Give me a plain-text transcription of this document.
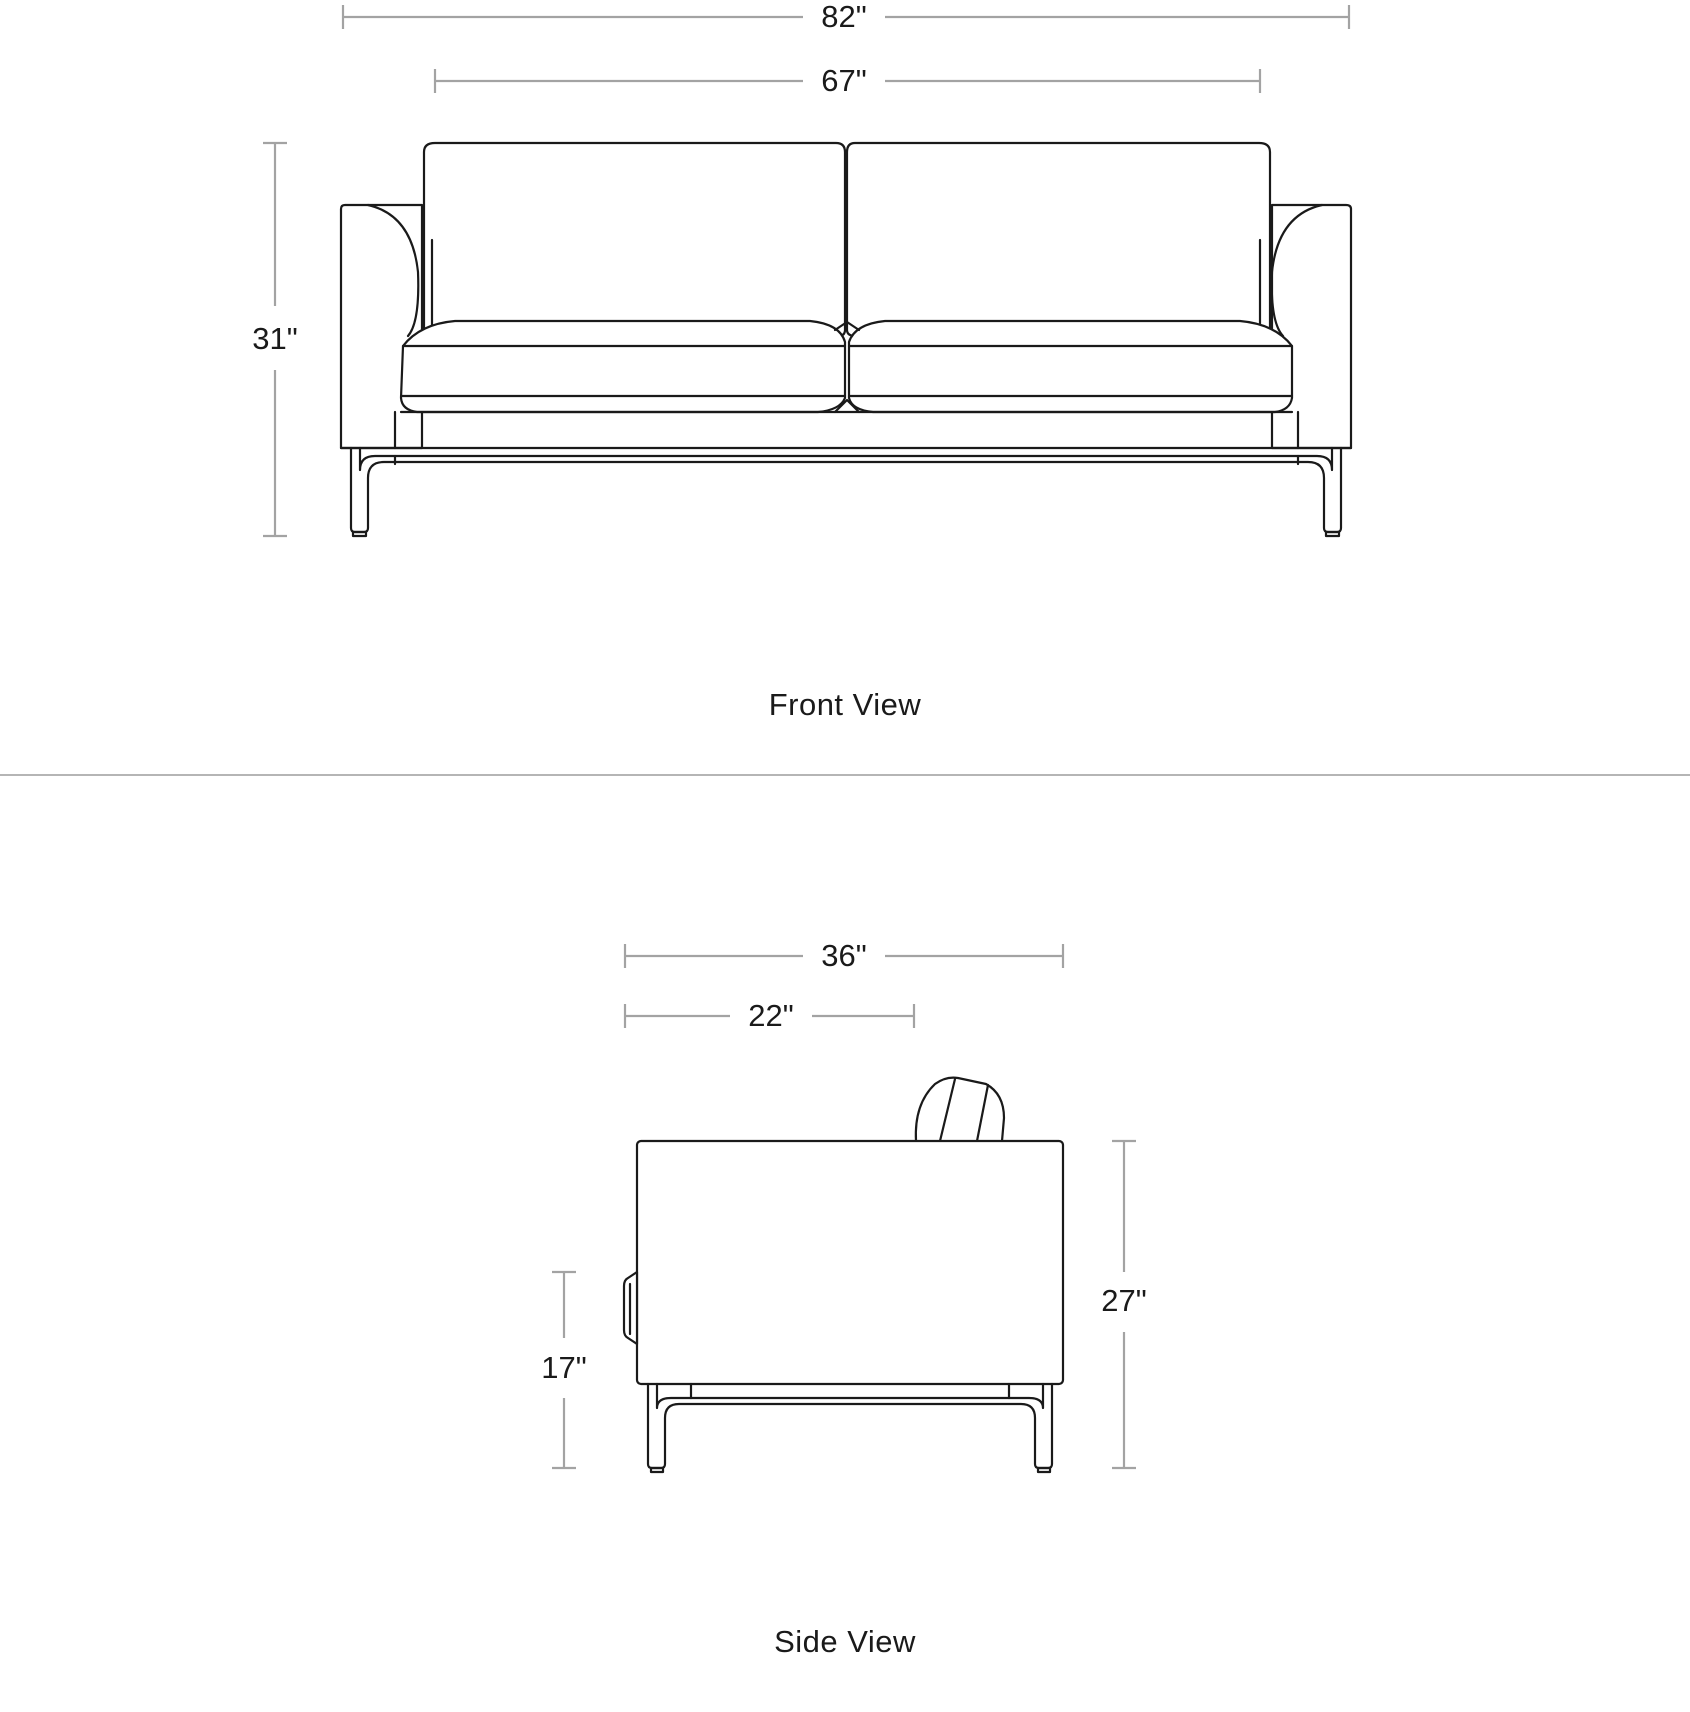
82"
67"
31"
Front View
36"
22"
17"
27"
Side View
